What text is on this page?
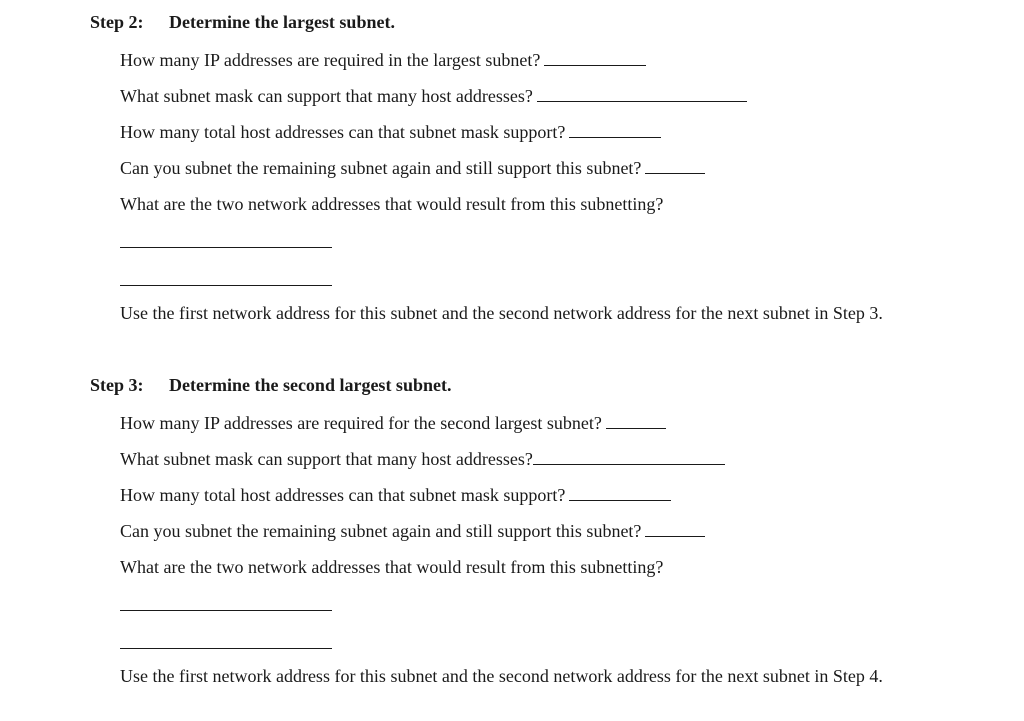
Step 2: Determine the largest subnet.
How many IP addresses are required in the largest subnet?
What subnet mask can support that many host addresses?
How many total host addresses can that subnet mask support?
Can you subnet the remaining subnet again and still support this subnet?
What are the two network addresses that would result from this subnetting?
Use the first network address for this subnet and the second network address for the next subnet in Step 3.
Step 3: Determine the second largest subnet.
How many IP addresses are required for the second largest subnet?
What subnet mask can support that many host addresses?
How many total host addresses can that subnet mask support?
Can you subnet the remaining subnet again and still support this subnet?
What are the two network addresses that would result from this subnetting?
Use the first network address for this subnet and the second network address for the next subnet in Step 4.
